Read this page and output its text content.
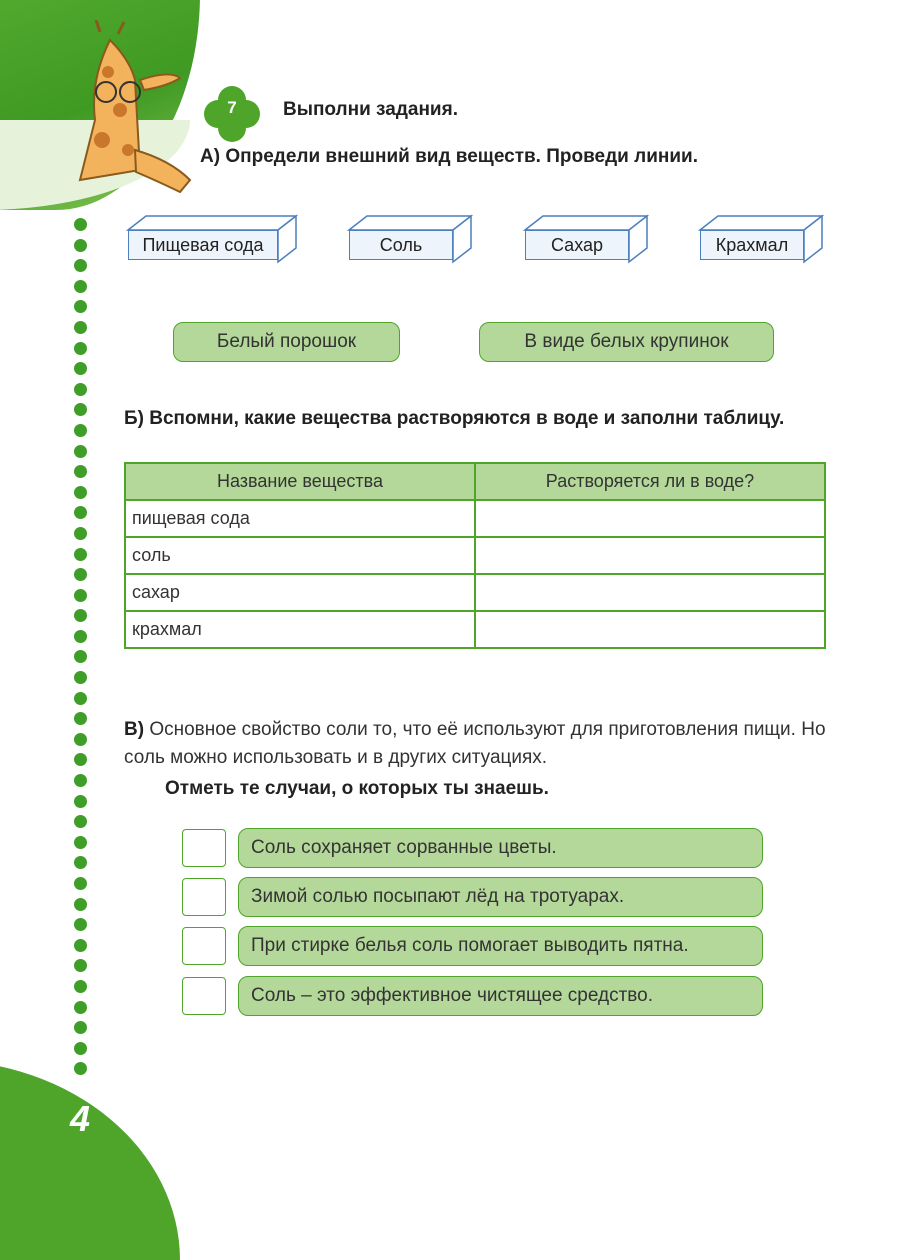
7	Выполни задания.
А) Определи внешний вид веществ. Проведи линии.
Пищевая сода	Соль	Сахар	Крахмал
Белый порошок	В виде белых крупинок
Б) Вспомни, какие вещества растворяются в воде и заполни таблицу.
Название вещества	Растворяется ли в воде?
пищевая сода	
соль	
сахар	
крахмал	
В) Основное свойство соли то, что её используют для приготовления пищи. Но соль можно использовать и в других ситуациях.
Отметь те случаи, о которых ты знаешь.
Соль сохраняет сорванные цветы.
Зимой солью посыпают лёд на тротуарах.
При стирке белья соль помогает выводить пятна.
Соль – это эффективное чистящее средство.
4
